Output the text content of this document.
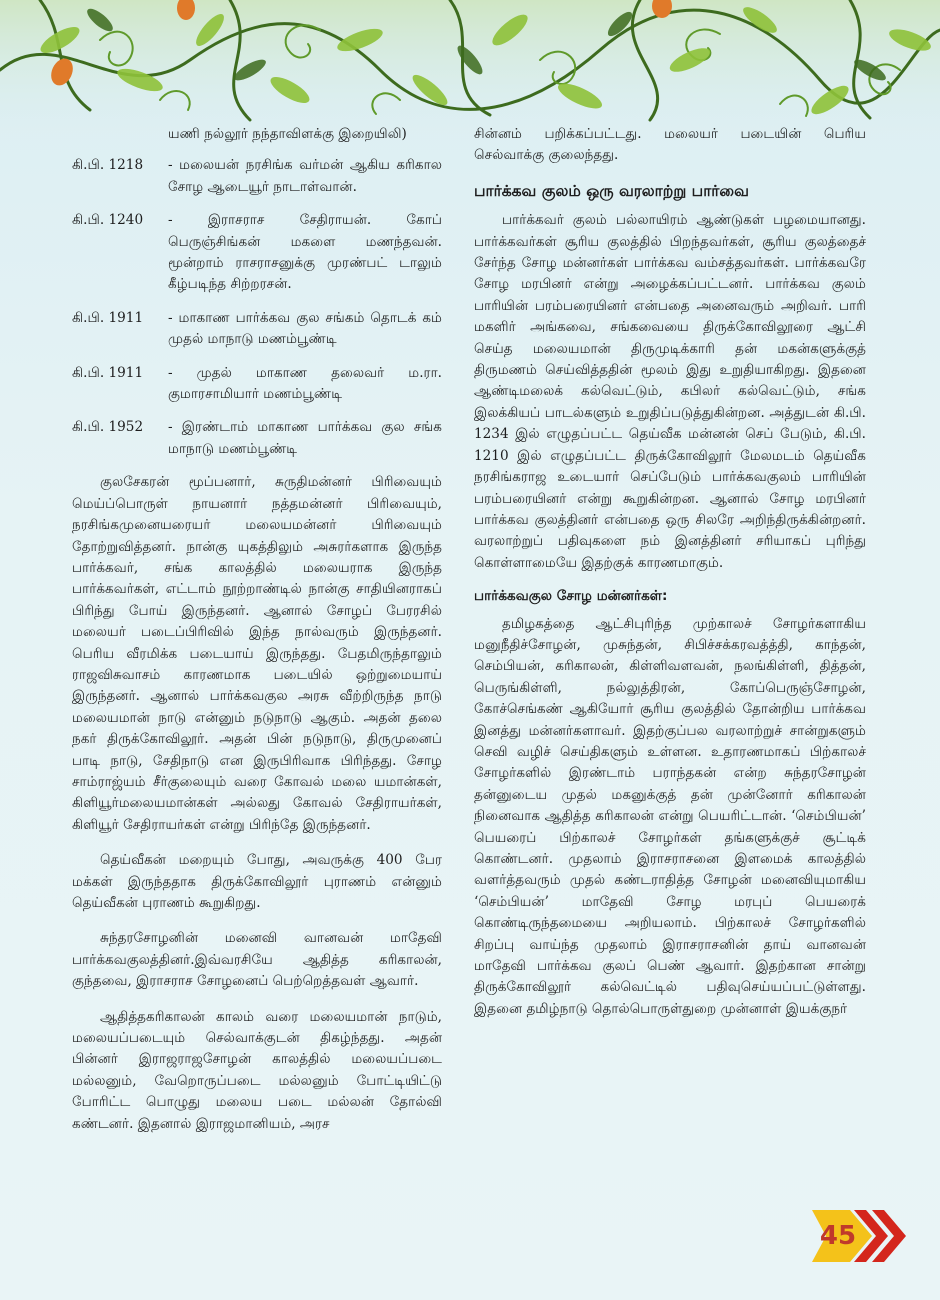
யணி நல்லூர் நந்தாவிளக்கு இறையிலி)
கி.பி. 1218	- மலையன் நரசிங்க வர்மன் ஆகிய கரிகால சோழ ஆடையூர் நாடாள்வான்.
கி.பி. 1240	- இராசராச சேதிராயன். கோப் பெருஞ்சிங்கன் மகளை மணந்தவன். மூன்றாம் ராசராசனுக்கு முரண்பட் டாலும் கீழ்படிந்த சிற்றரசன்.
கி.பி. 1911	- மாகாண பார்க்கவ குல சங்கம் தொடக் கம் முதல் மாநாடு மணம்பூண்டி
கி.பி. 1911	- முதல் மாகாண தலைவர் ம.ரா. குமாரசாமியார் மணம்பூண்டி
கி.பி. 1952	- இரண்டாம் மாகாண பார்க்கவ குல சங்க மாநாடு மணம்பூண்டி

குலசேகரன் மூப்பனார், சுருதிமன்னர் பிரிவையும் மெய்ப்பொருள் நாயனார் நத்தமன்னர் பிரிவையும், நரசிங்கமுனையரையர் மலையமன்னர் பிரிவையும் தோற்றுவித்தனர். நான்கு யுகத்திலும் அசுரர்களாக இருந்த பார்க்கவர், சங்க காலத்தில் மலையராக இருந்த பார்க்கவர்கள், எட்டாம் நூற்றாண்டில் நான்கு சாதியினராகப் பிரிந்து போய் இருந்தனர். ஆனால் சோழப் பேரரசில் மலையர் படைப்பிரிவில் இந்த நால்வரும் இருந்தனர். பெரிய வீரமிக்க படையாய் இருந்தது. பேதமிருந்தாலும் ராஜவிசுவாசம் காரணமாக படையில் ஒற்றுமையாய் இருந்தனர். ஆனால் பார்க்கவகுல அரசு வீற்றிருந்த நாடு மலையமான் நாடு என்னும் நடுநாடு ஆகும். அதன் தலை நகர் திருக்கோவிலூர். அதன் பின் நடுநாடு, திருமுனைப் பாடி நாடு, சேதிநாடு என இருபிரிவாக பிரிந்தது. சோழ சாம்ராஜ்யம் சீர்குலையும் வரை கோவல் மலை யமான்கள், கிளியூர்மலையமான்கள் அல்லது கோவல் சேதிராயர்கள், கிளியூர் சேதிராயர்கள் என்று பிரிந்தே இருந்தனர்.

தெய்வீகன் மறையும் போது, அவருக்கு 400 பேர மக்கள் இருந்ததாக திருக்கோவிலூர் புராணம் என்னும் தெய்வீகன் புராணம் கூறுகிறது.

சுந்தரசோழனின் மனைவி வானவன் மாதேவி பார்க்கவகுலத்தினர்.இவ்வரசியே ஆதித்த கரிகாலன், குந்தவை, இராசராச சோழனைப் பெற்றெத்தவள் ஆவார்.

ஆதித்தகரிகாலன் காலம் வரை மலையமான் நாடும், மலையப்படையும் செல்வாக்குடன் திகழ்ந்தது. அதன் பின்னர் இராஜராஜசோழன் காலத்தில் மலையப்படை மல்லனும், வேறொருப்படை மல்லனும் போட்டியிட்டு போரிட்ட பொழுது மலைய படை மல்லன் தோல்வி கண்டனர். இதனால் இராஜமானியம், அரச

சின்னம் பறிக்கப்பட்டது. மலையர் படையின் பெரிய செல்வாக்கு குலைந்தது.

பார்க்கவ குலம் ஒரு வரலாற்று பார்வை

பார்க்கவர் குலம் பல்லாயிரம் ஆண்டுகள் பழமையானது. பார்க்கவர்கள் சூரிய குலத்தில் பிறந்தவர்கள், சூரிய குலத்தைச் சேர்ந்த சோழ மன்னர்கள் பார்க்கவ வம்சத்தவர்கள். பார்க்கவரே சோழ மரபினர் என்று அழைக்கப்பட்டனர். பார்க்கவ குலம் பாரியின் பரம்பரையினர் என்பதை அனைவரும் அறிவர். பாரி மகளிர் அங்கவை, சங்கவையை திருக்கோவிலூரை ஆட்சி செய்த மலையமான் திருமுடிக்காரி தன் மகன்களுக்குத் திருமணம் செய்வித்ததின் மூலம் இது உறுதியாகிறது. இதனை ஆண்டிமலைக் கல்வெட்டும், கபிலர் கல்வெட்டும், சங்க இலக்கியப் பாடல்களும் உறுதிப்படுத்துகின்றன. அத்துடன் கி.பி. 1234 இல் எழுதப்பட்ட தெய்வீக மன்னன் செப் பேடும், கி.பி. 1210 இல் எழுதப்பட்ட திருக்கோவிலூர் மேலமடம் தெய்வீக நரசிங்கராஜ உடையார் செப்பேடும் பார்க்கவகுலம் பாரியின் பரம்பரையினர் என்று கூறுகின்றன. ஆனால் சோழ மரபினர் பார்க்கவ குலத்தினர் என்பதை ஒரு சிலரே அறிந்திருக்கின்றனர். வரலாற்றுப் பதிவுகளை நம் இனத்தினர் சரியாகப் புரிந்து கொள்ளாமையே இதற்குக் காரணமாகும்.

பார்க்கவகுல சோழ மன்னர்கள்:

தமிழகத்தை ஆட்சிபுரிந்த முற்காலச் சோழர்களாகிய மனுநீதிச்சோழன், முசுந்தன், சிபிச்சக்கரவத்த்தி, காந்தன், செம்பியன், கரிகாலன், கிள்ளிவளவன், நலங்கிள்ளி, தித்தன், பெருங்கிள்ளி, நல்லுத்திரன், கோப்பெருஞ்சோழன், கோச்செங்கண் ஆகியோர் சூரிய குலத்தில் தோன்றிய பார்க்கவ இனத்து மன்னர்களாவர். இதற்குப்பல வரலாற்றுச் சான்றுகளும் செவி வழிச் செய்திகளும் உள்ளன. உதாரணமாகப் பிற்காலச் சோழர்களில் இரண்டாம் பராந்தகன் என்ற சுந்தரசோழன் தன்னுடைய முதல் மகனுக்குத் தன் முன்னோர் கரிகாலன் நினைவாக ஆதித்த கரிகாலன் என்று பெயரிட்டான். ‘செம்பியன்’ பெயரைப் பிற்காலச் சோழர்கள் தங்களுக்குச் சூட்டிக் கொண்டனர். முதலாம் இராசராசனை இளமைக் காலத்தில் வளர்த்தவரும் முதல் கண்டராதித்த சோழன் மனைவியுமாகிய ‘செம்பியன்’ மாதேவி சோழ மரபுப் பெயரைக் கொண்டிருந்தமையை அறியலாம். பிற்காலச் சோழர்களில் சிறப்பு வாய்ந்த முதலாம் இராசராசனின் தாய் வானவன் மாதேவி பார்க்கவ குலப் பெண் ஆவார். இதற்கான சான்று திருக்கோவிலூர் கல்வெட்டில் பதிவுசெய்யப்பட்டுள்ளது. இதனை தமிழ்நாடு தொல்பொருள்துறை முன்னாள் இயக்குநர்

45
